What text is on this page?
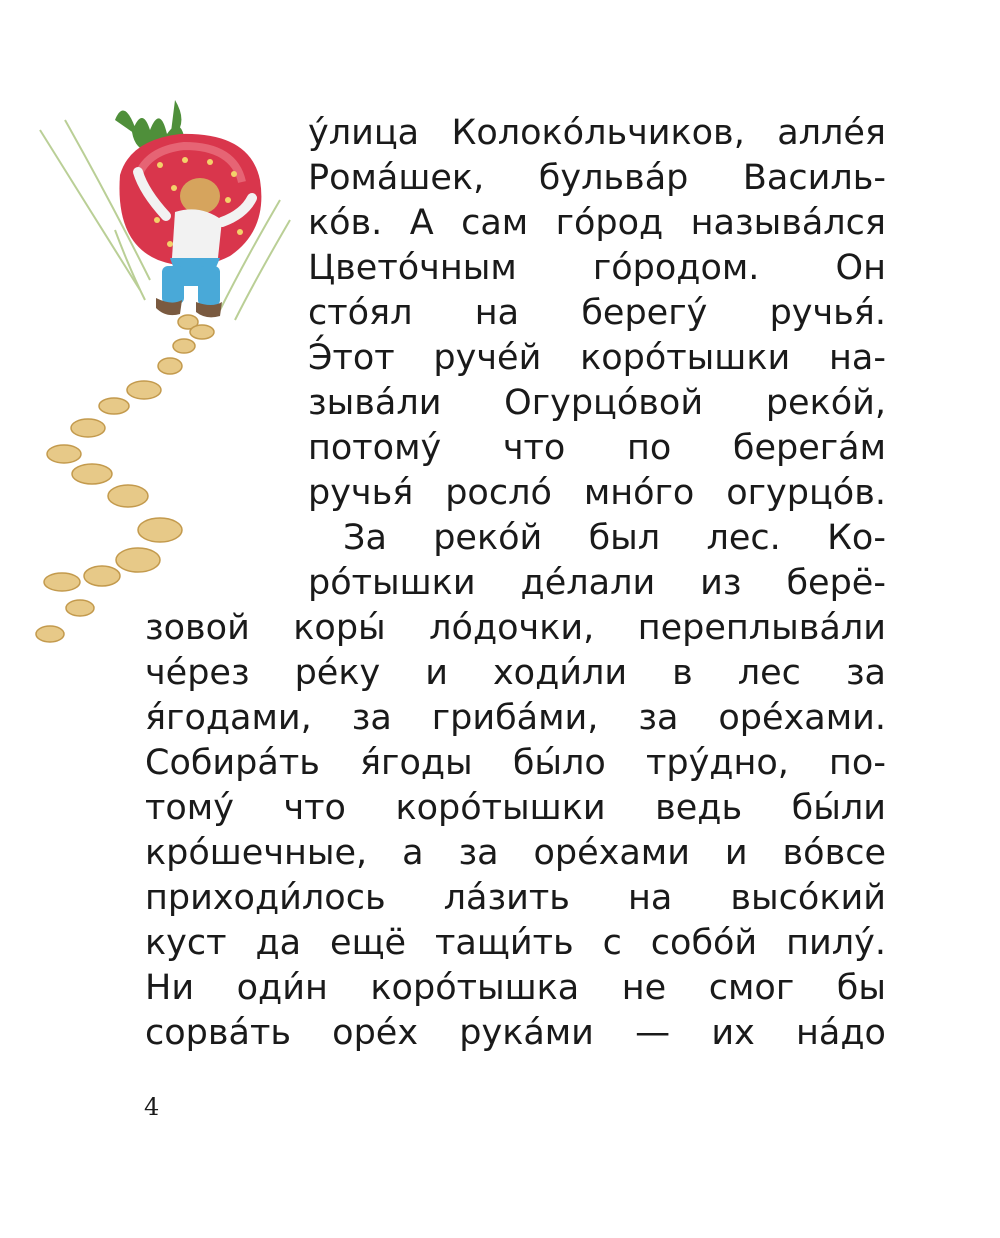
у́лица Колоко́льчиков, алле́я
Рома́шек, бульва́р Василь-
ко́в. А сам го́род называ́лся
Цвето́чным го́родом. Он
сто́ял на берегу́ ручья́.
Э́тот руче́й коро́тышки на-
зыва́ли Огурцо́вой реко́й,
потому́ что по берега́м
ручья́ росло́ мно́го огурцо́в.
За реко́й был лес. Ко-
ро́тышки де́лали из берё-
зовой коры́ ло́дочки, переплыва́ли
че́рез ре́ку и ходи́ли в лес за
я́годами, за гриба́ми, за оре́хами.
Собира́ть я́годы бы́ло тру́дно, по-
тому́ что коро́тышки ведь бы́ли
кро́шечные, а за оре́хами и во́все
приходи́лось ла́зить на высо́кий
куст да ещё тащи́ть с собо́й пилу́.
Ни оди́н коро́тышка не смог бы
сорва́ть оре́х рука́ми — их на́до
4
